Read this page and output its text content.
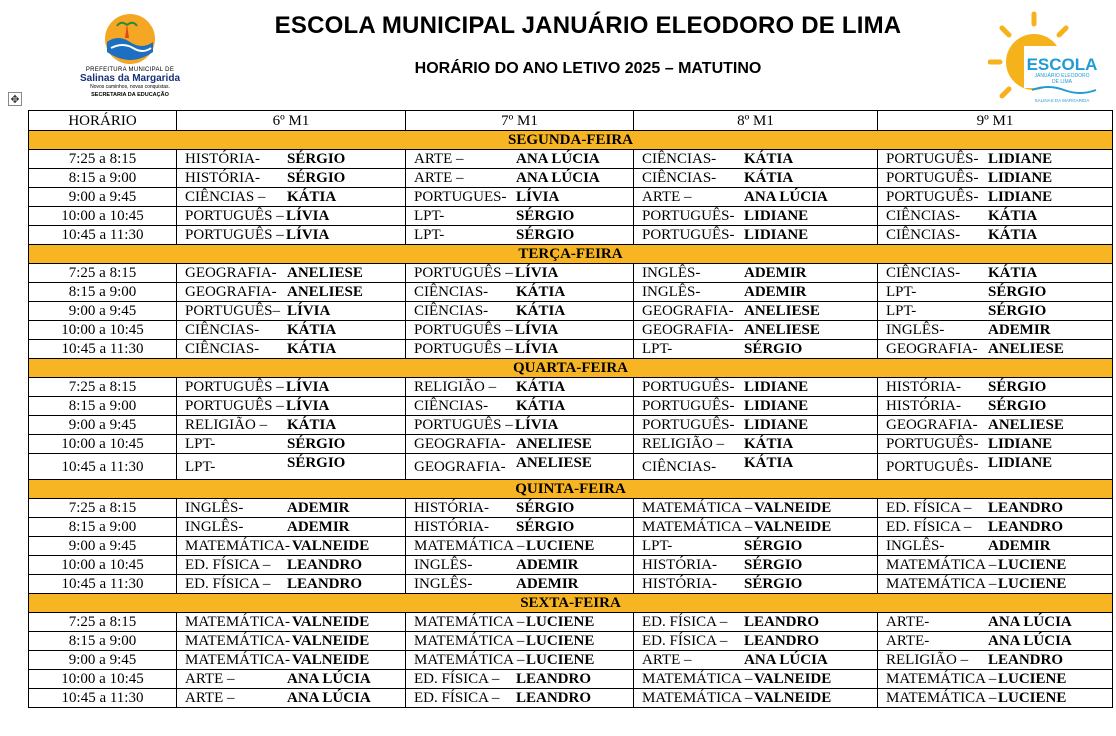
PREFEITURA MUNICIPAL DE
Salinas da Margarida
Novos caminhos, novas conquistas.
SECRETARIA DA EDUCAÇÃO
ESCOLA MUNICIPAL JANUÁRIO ELEODORO DE LIMA
HORÁRIO DO ANO LETIVO 2025 – MATUTINO	ESCOLA
JANUÁRIO ELEODORO
DE LIMA
SALINAS DA MARGARIDA
✥
HORÁRIO	6º M1	7º M1	8º M1	9º M1
SEGUNDA-FEIRA				
7:25 a 8:15	HISTÓRIA- SÉRGIO	ARTE – ANA LÚCIA	CIÊNCIAS- KÁTIA	PORTUGUÊS- LIDIANE

8:15 a 9:00	HISTÓRIA- SÉRGIO	ARTE – ANA LÚCIA	CIÊNCIAS- KÁTIA	PORTUGUÊS- LIDIANE

9:00 a 9:45	CIÊNCIAS – KÁTIA	PORTUGUES- LÍVIA	ARTE – ANA LÚCIA	PORTUGUÊS- LIDIANE

10:00 a 10:45	PORTUGUÊS – LÍVIA	LPT- SÉRGIO	PORTUGUÊS- LIDIANE	CIÊNCIAS- KÁTIA

10:45 a 11:30	PORTUGUÊS – LÍVIA	LPT- SÉRGIO	PORTUGUÊS- LIDIANE	CIÊNCIAS- KÁTIA

TERÇA-FEIRA				
7:25 a 8:15	GEOGRAFIA- ANELIESE	PORTUGUÊS – LÍVIA	INGLÊS- ADEMIR	CIÊNCIAS- KÁTIA

8:15 a 9:00	GEOGRAFIA- ANELIESE	CIÊNCIAS- KÁTIA	INGLÊS- ADEMIR	LPT- SÉRGIO

9:00 a 9:45	PORTUGUÊS– LÍVIA	CIÊNCIAS- KÁTIA	GEOGRAFIA- ANELIESE	LPT- SÉRGIO

10:00 a 10:45	CIÊNCIAS- KÁTIA	PORTUGUÊS – LÍVIA	GEOGRAFIA- ANELIESE	INGLÊS- ADEMIR

10:45 a 11:30	CIÊNCIAS- KÁTIA	PORTUGUÊS – LÍVIA	LPT- SÉRGIO	GEOGRAFIA- ANELIESE

QUARTA-FEIRA				
7:25 a 8:15	PORTUGUÊS – LÍVIA	RELIGIÃO – KÁTIA	PORTUGUÊS- LIDIANE	HISTÓRIA- SÉRGIO

8:15 a 9:00	PORTUGUÊS – LÍVIA	CIÊNCIAS- KÁTIA	PORTUGUÊS- LIDIANE	HISTÓRIA- SÉRGIO

9:00 a 9:45	RELIGIÃO – KÁTIA	PORTUGUÊS – LÍVIA	PORTUGUÊS- LIDIANE	GEOGRAFIA- ANELIESE

10:00 a 10:45	LPT- SÉRGIO	GEOGRAFIA- ANELIESE	RELIGIÃO – KÁTIA	PORTUGUÊS- LIDIANE

10:45 a 11:30	LPT- SÉRGIO	GEOGRAFIA- ANELIESE	CIÊNCIAS- KÁTIA	PORTUGUÊS- LIDIANE

QUINTA-FEIRA				
7:25 a 8:15	INGLÊS- ADEMIR	HISTÓRIA- SÉRGIO	MATEMÁTICA – VALNEIDE	ED. FÍSICA – LEANDRO

8:15 a 9:00	INGLÊS- ADEMIR	HISTÓRIA- SÉRGIO	MATEMÁTICA – VALNEIDE	ED. FÍSICA – LEANDRO

9:00 a 9:45	MATEMÁTICA- VALNEIDE	MATEMÁTICA – LUCIENE	LPT- SÉRGIO	INGLÊS- ADEMIR

10:00 a 10:45	ED. FÍSICA – LEANDRO	INGLÊS- ADEMIR	HISTÓRIA- SÉRGIO	MATEMÁTICA – LUCIENE

10:45 a 11:30	ED. FÍSICA – LEANDRO	INGLÊS- ADEMIR	HISTÓRIA- SÉRGIO	MATEMÁTICA – LUCIENE

SEXTA-FEIRA				
7:25 a 8:15	MATEMÁTICA- VALNEIDE	MATEMÁTICA – LUCIENE	ED. FÍSICA – LEANDRO	ARTE- ANA LÚCIA

8:15 a 9:00	MATEMÁTICA- VALNEIDE	MATEMÁTICA – LUCIENE	ED. FÍSICA – LEANDRO	ARTE- ANA LÚCIA

9:00 a 9:45	MATEMÁTICA- VALNEIDE	MATEMÁTICA – LUCIENE	ARTE – ANA LÚCIA	RELIGIÃO – LEANDRO

10:00 a 10:45	ARTE – ANA LÚCIA	ED. FÍSICA – LEANDRO	MATEMÁTICA – VALNEIDE	MATEMÁTICA – LUCIENE

10:45 a 11:30	ARTE – ANA LÚCIA	ED. FÍSICA – LEANDRO	MATEMÁTICA – VALNEIDE	MATEMÁTICA – LUCIENE
